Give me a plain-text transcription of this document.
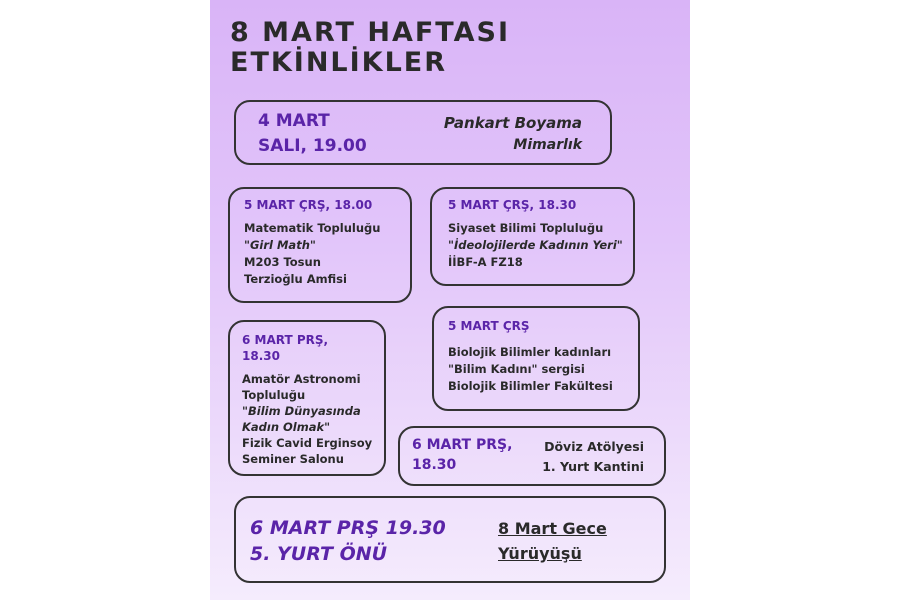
8 MART HAFTASI

ETKİNLİKLER

4 MART

SALI, 19.00

Pankart Boyama

Mimarlık

5 MART ÇRŞ, 18.00

Matematik Topluluğu

"Girl Math"

M203 Tosun

Terzioğlu Amfisi

5 MART ÇRŞ, 18.30

Siyaset Bilimi Topluluğu

"İdeolojilerde Kadının Yeri"

İİBF-A FZ18

6 MART PRŞ,

18.30

Amatör Astronomi

Topluluğu

"Bilim Dünyasında

Kadın Olmak"

Fizik Cavid Erginsoy

Seminer Salonu

5 MART ÇRŞ

Biolojik Bilimler kadınları

"Bilim Kadını" sergisi

Biolojik Bilimler Fakültesi

6 MART PRŞ,

18.30

Döviz Atölyesi

1. Yurt Kantini

6 MART PRŞ 19.30

5. YURT ÖNÜ

8 Mart Gece

Yürüyüşü
